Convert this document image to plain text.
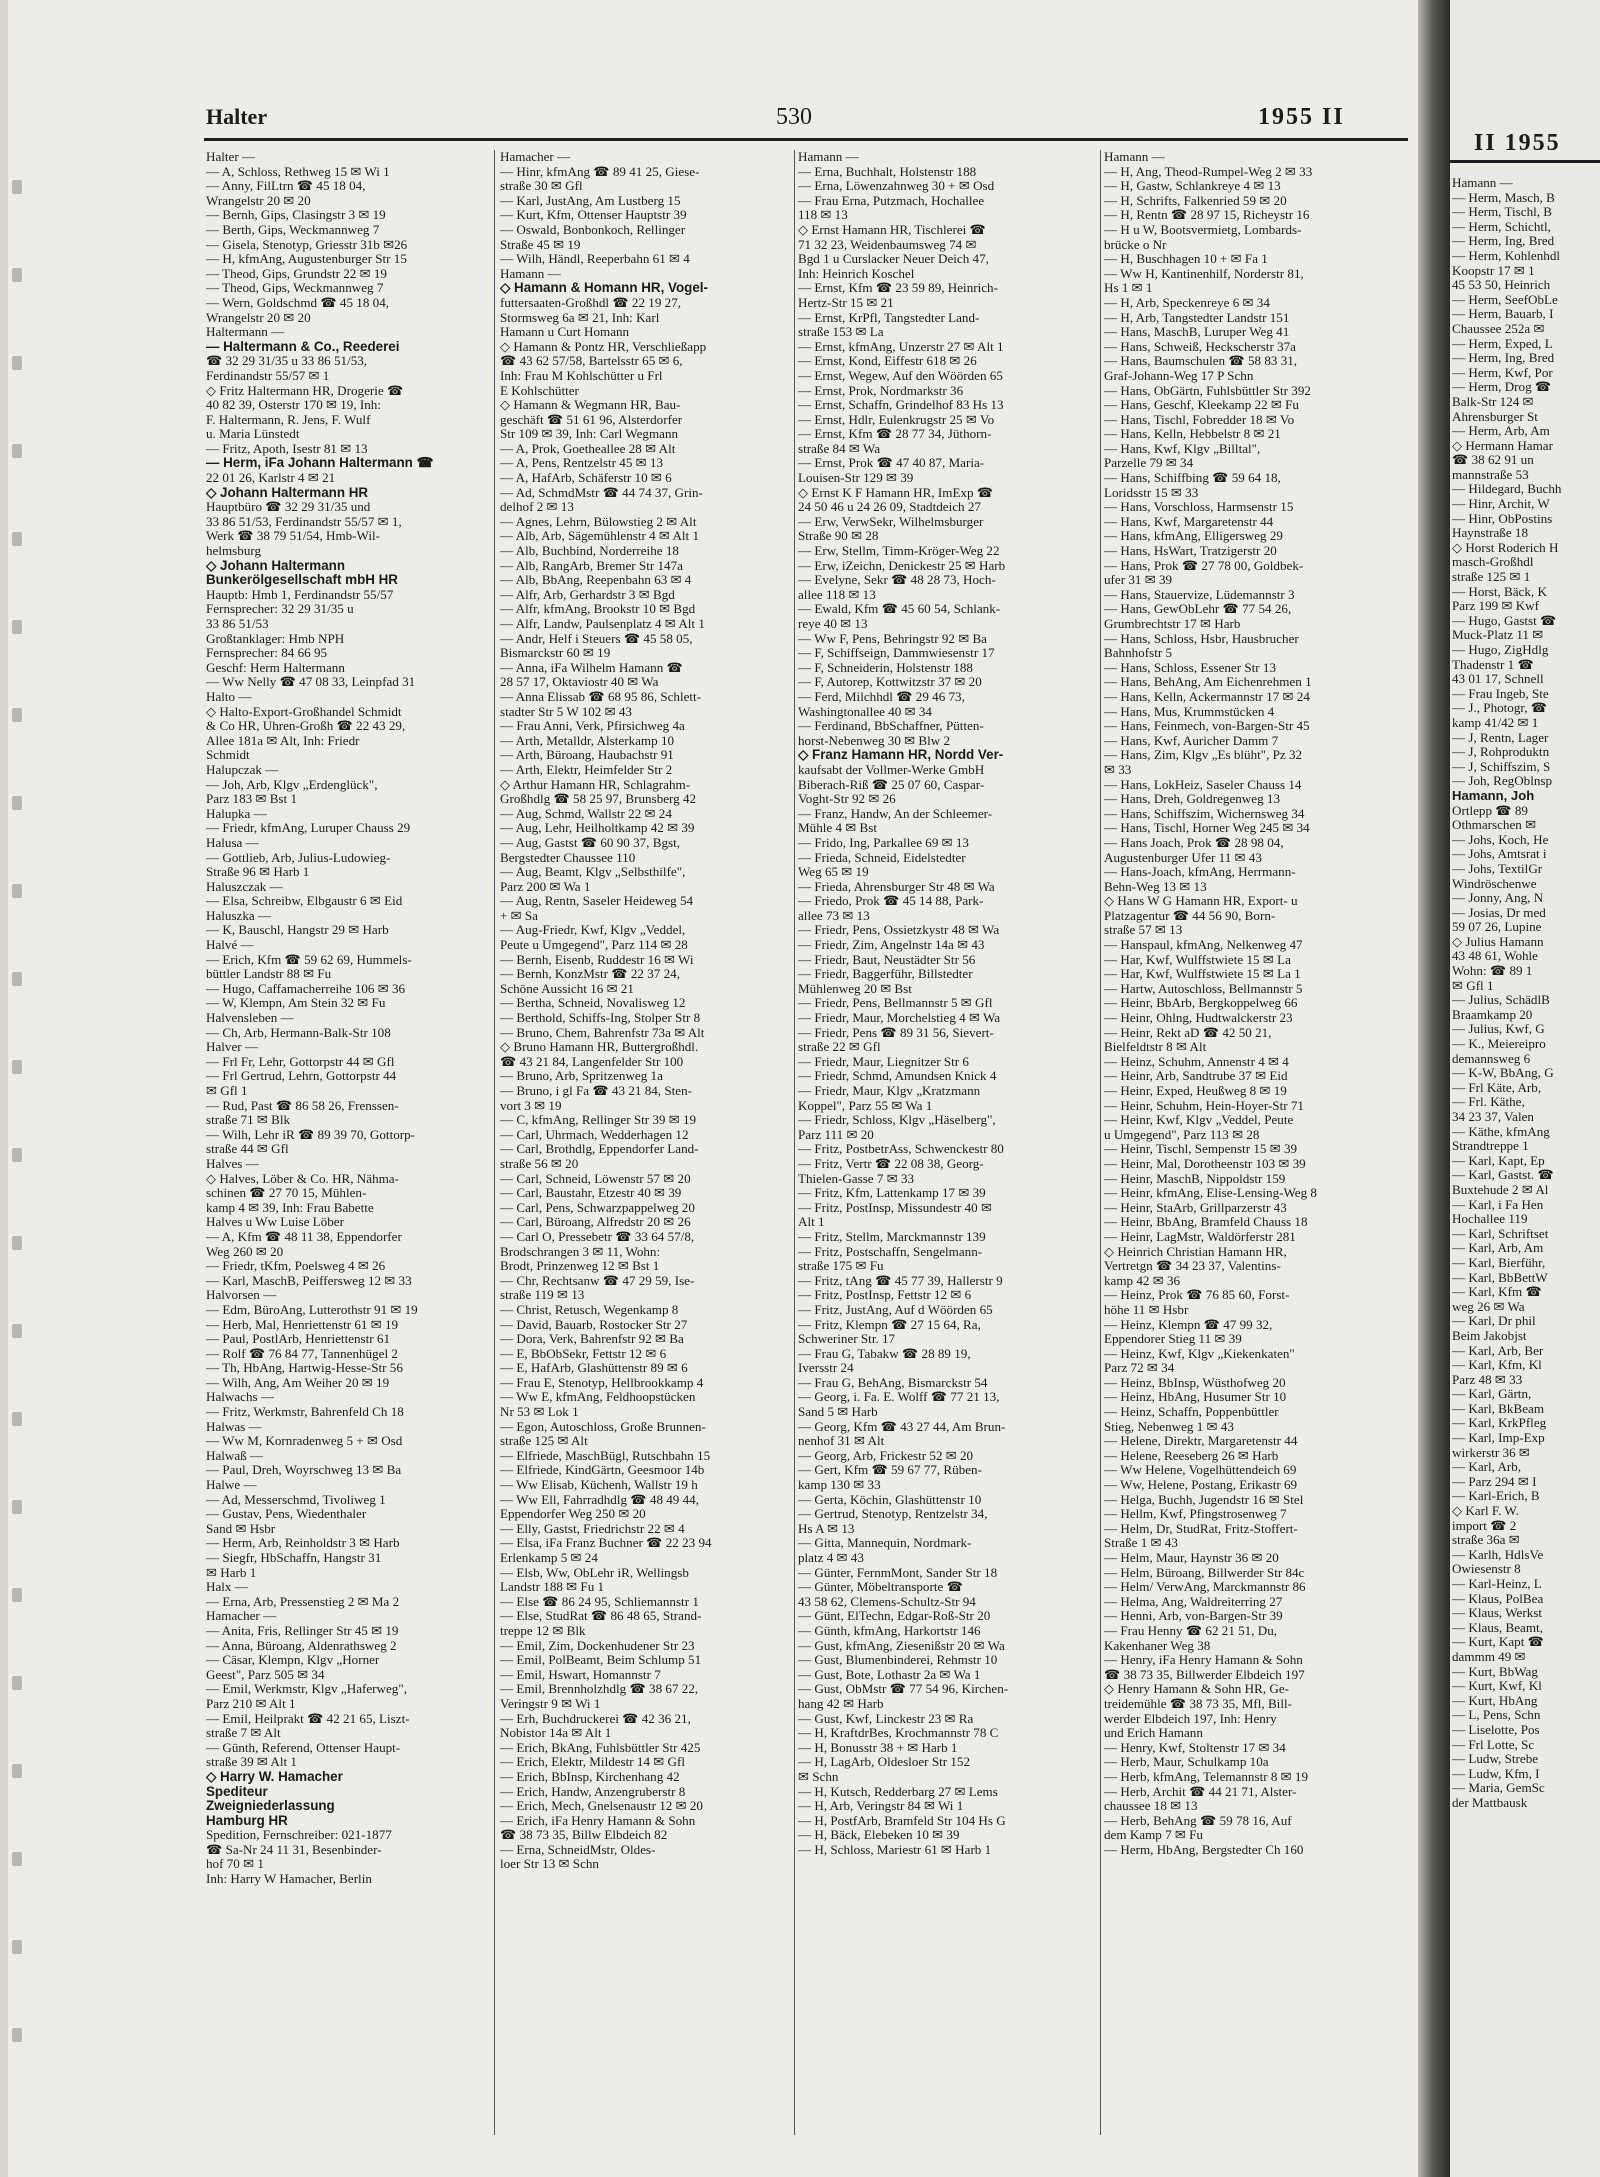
Halter	530	1955 II
Halter —
— A, Schloss, Rethweg 15 ✉ Wi 1
— Anny, FilLtrn ☎ 45 18 04,
Wrangelstr 20 ✉ 20
— Bernh, Gips, Clasingstr 3 ✉ 19
— Berth, Gips, Weckmannweg 7
— Gisela, Stenotyp, Griesstr 31b ✉26
— H, kfmAng, Augustenburger Str 15
— Theod, Gips, Grundstr 22 ✉ 19
— Theod, Gips, Weckmannweg 7
— Wern, Goldschmd ☎ 45 18 04,
Wrangelstr 20 ✉ 20
Haltermann —
— Haltermann & Co., Reederei
☎ 32 29 31/35 u 33 86 51/53,
Ferdinandstr 55/57 ✉ 1
◇ Fritz Haltermann HR, Drogerie ☎
40 82 39, Osterstr 170 ✉ 19, Inh:
F. Haltermann, R. Jens, F. Wulf
u. Maria Lünstedt
— Fritz, Apoth, Isestr 81 ✉ 13
— Herm, iFa Johann Haltermann ☎
22 01 26, Karlstr 4 ✉ 21
◇ Johann Haltermann HR
Hauptbüro ☎ 32 29 31/35 und
33 86 51/53, Ferdinandstr 55/57 ✉ 1,
Werk ☎ 38 79 51/54, Hmb-Wil-
helmsburg
◇ Johann Haltermann
Bunkerölgesellschaft mbH HR
Hauptb: Hmb 1, Ferdinandstr 55/57
Fernsprecher: 32 29 31/35 u
33 86 51/53
Großtanklager: Hmb NPH
Fernsprecher: 84 66 95
Geschf: Herm Haltermann
— Ww Nelly ☎ 47 08 33, Leinpfad 31
Halto —
◇ Halto-Export-Großhandel Schmidt
& Co HR, Uhren-Großh ☎ 22 43 29,
Allee 181a ✉ Alt, Inh: Friedr
Schmidt
Halupczak —
— Joh, Arb, Klgv „Erdenglück",
Parz 183 ✉ Bst 1
Halupka —
— Friedr, kfmAng, Luruper Chauss 29
Halusa —
— Gottlieb, Arb, Julius-Ludowieg-
Straße 96 ✉ Harb 1
Haluszczak —
— Elsa, Schreibw, Elbgaustr 6 ✉ Eid
Haluszka —
— K, Bauschl, Hangstr 29 ✉ Harb
Halvé —
— Erich, Kfm ☎ 59 62 69, Hummels-
büttler Landstr 88 ✉ Fu
— Hugo, Caffamacherreihe 106 ✉ 36
— W, Klempn, Am Stein 32 ✉ Fu
Halvensleben —
— Ch, Arb, Hermann-Balk-Str 108
Halver —
— Frl Fr, Lehr, Gottorpstr 44 ✉ Gfl
— Frl Gertrud, Lehrn, Gottorpstr 44
✉ Gfl 1
— Rud, Past ☎ 86 58 26, Frenssen-
straße 71 ✉ Blk
— Wilh, Lehr iR ☎ 89 39 70, Gottorp-
straße 44 ✉ Gfl
Halves —
◇ Halves, Löber & Co. HR, Nähma-
schinen ☎ 27 70 15, Mühlen-
kamp 4 ✉ 39, Inh: Frau Babette
Halves u Ww Luise Löber
— A, Kfm ☎ 48 11 38, Eppendorfer
Weg 260 ✉ 20
— Friedr, tKfm, Poelsweg 4 ✉ 26
— Karl, MaschB, Peiffersweg 12 ✉ 33
Halvorsen —
— Edm, BüroAng, Lutterothstr 91 ✉ 19
— Herb, Mal, Henriettenstr 61 ✉ 19
— Paul, PostlArb, Henriettenstr 61
— Rolf ☎ 76 84 77, Tannenhügel 2
— Th, HbAng, Hartwig-Hesse-Str 56
— Wilh, Ang, Am Weiher 20 ✉ 19
Halwachs —
— Fritz, Werkmstr, Bahrenfeld Ch 18
Halwas —
— Ww M, Kornradenweg 5 + ✉ Osd
Halwaß —
— Paul, Dreh, Woyrschweg 13 ✉ Ba
Halwe —
— Ad, Messerschmd, Tivoliweg 1
— Gustav, Pens, Wiedenthaler
Sand ✉ Hsbr
— Herm, Arb, Reinholdstr 3 ✉ Harb
— Siegfr, HbSchaffn, Hangstr 31
✉ Harb 1
Halx —
— Erna, Arb, Pressenstieg 2 ✉ Ma 2
Hamacher —
— Anita, Fris, Rellinger Str 45 ✉ 19
— Anna, Büroang, Aldenrathsweg 2
— Cäsar, Klempn, Klgv „Horner
Geest", Parz 505 ✉ 34
— Emil, Werkmstr, Klgv „Haferweg",
Parz 210 ✉ Alt 1
— Emil, Heilprakt ☎ 42 21 65, Liszt-
straße 7 ✉ Alt
— Günth, Referend, Ottenser Haupt-
straße 39 ✉ Alt 1
◇ Harry W. Hamacher
Spediteur
Zweigniederlassung
Hamburg HR
Spedition, Fernschreiber: 021-1877
☎ Sa-Nr 24 11 31, Besenbinder-
hof 70 ✉ 1
Inh: Harry W Hamacher, Berlin
Hamacher —
— Hinr, kfmAng ☎ 89 41 25, Giese-
straße 30 ✉ Gfl
— Karl, JustAng, Am Lustberg 15
— Kurt, Kfm, Ottenser Hauptstr 39
— Oswald, Bonbonkoch, Rellinger
Straße 45 ✉ 19
— Wilh, Händl, Reeperbahn 61 ✉ 4
Hamann —
◇ Hamann & Homann HR, Vogel-
futtersaaten-Großhdl ☎ 22 19 27,
Stormsweg 6a ✉ 21, Inh: Karl
Hamann u Curt Homann
◇ Hamann & Pontz HR, Verschließapp
☎ 43 62 57/58, Bartelsstr 65 ✉ 6,
Inh: Frau M Kohlschütter u Frl
E Kohlschütter
◇ Hamann & Wegmann HR, Bau-
geschäft ☎ 51 61 96, Alsterdorfer
Str 109 ✉ 39, Inh: Carl Wegmann
— A, Prok, Goetheallee 28 ✉ Alt
— A, Pens, Rentzelstr 45 ✉ 13
— A, HafArb, Schäferstr 10 ✉ 6
— Ad, SchmdMstr ☎ 44 74 37, Grin-
delhof 2 ✉ 13
— Agnes, Lehrn, Bülowstieg 2 ✉ Alt
— Alb, Arb, Sägemühlenstr 4 ✉ Alt 1
— Alb, Buchbind, Norderreihe 18
— Alb, RangArb, Bremer Str 147a
— Alb, BbAng, Reepenbahn 63 ✉ 4
— Alfr, Arb, Gerhardstr 3 ✉ Bgd
— Alfr, kfmAng, Brookstr 10 ✉ Bgd
— Alfr, Landw, Paulsenplatz 4 ✉ Alt 1
— Andr, Helf i Steuers ☎ 45 58 05,
Bismarckstr 60 ✉ 19
— Anna, iFa Wilhelm Hamann ☎
28 57 17, Oktaviostr 40 ✉ Wa
— Anna Elissab ☎ 68 95 86, Schlett-
stadter Str 5 W 102 ✉ 43
— Frau Anni, Verk, Pfirsichweg 4a
— Arth, Metalldr, Alsterkamp 10
— Arth, Büroang, Haubachstr 91
— Arth, Elektr, Heimfelder Str 2
◇ Arthur Hamann HR, Schlagrahm-
Großhdlg ☎ 58 25 97, Brunsberg 42
— Aug, Schmd, Wallstr 22 ✉ 24
— Aug, Lehr, Heilholtkamp 42 ✉ 39
— Aug, Gastst ☎ 60 90 37, Bgst,
Bergstedter Chaussee 110
— Aug, Beamt, Klgv „Selbsthilfe",
Parz 200 ✉ Wa 1
— Aug, Rentn, Saseler Heideweg 54
+ ✉ Sa
— Aug-Friedr, Kwf, Klgv „Veddel,
Peute u Umgegend", Parz 114 ✉ 28
— Bernh, Eisenb, Ruddestr 16 ✉ Wi
— Bernh, KonzMstr ☎ 22 37 24,
Schöne Aussicht 16 ✉ 21
— Bertha, Schneid, Novalisweg 12
— Berthold, Schiffs-Ing, Stolper Str 8
— Bruno, Chem, Bahrenfstr 73a ✉ Alt
◇ Bruno Hamann HR, Buttergroßhdl.
☎ 43 21 84, Langenfelder Str 100
— Bruno, Arb, Spritzenweg 1a
— Bruno, i gl Fa ☎ 43 21 84, Sten-
vort 3 ✉ 19
— C, kfmAng, Rellinger Str 39 ✉ 19
— Carl, Uhrmach, Wedderhagen 12
— Carl, Brothdlg, Eppendorfer Land-
straße 56 ✉ 20
— Carl, Schneid, Löwenstr 57 ✉ 20
— Carl, Baustahr, Etzestr 40 ✉ 39
— Carl, Pens, Schwarzpappelweg 20
— Carl, Büroang, Alfredstr 20 ✉ 26
— Carl O, Pressebetr ☎ 33 64 57/8,
Brodschrangen 3 ✉ 11, Wohn:
Brodt, Prinzenweg 12 ✉ Bst 1
— Chr, Rechtsanw ☎ 47 29 59, Ise-
straße 119 ✉ 13
— Christ, Retusch, Wegenkamp 8
— David, Bauarb, Rostocker Str 27
— Dora, Verk, Bahrenfstr 92 ✉ Ba
— E, BbObSekr, Fettstr 12 ✉ 6
— E, HafArb, Glashüttenstr 89 ✉ 6
— Frau E, Stenotyp, Hellbrookkamp 4
— Ww E, kfmAng, Feldhoopstücken
Nr 53 ✉ Lok 1
— Egon, Autoschloss, Große Brunnen-
straße 125 ✉ Alt
— Elfriede, MaschBügl, Rutschbahn 15
— Elfriede, KindGärtn, Geesmoor 14b
— Ww Elisab, Küchenh, Wallstr 19 h
— Ww Ell, Fahrradhdlg ☎ 48 49 44,
Eppendorfer Weg 250 ✉ 20
— Elly, Gastst, Friedrichstr 22 ✉ 4
— Elsa, iFa Franz Buchner ☎ 22 23 94
Erlenkamp 5 ✉ 24
— Elsb, Ww, ObLehr iR, Wellingsb
Landstr 188 ✉ Fu 1
— Else ☎ 86 24 95, Schliemannstr 1
— Else, StudRat ☎ 86 48 65, Strand-
treppe 12 ✉ Blk
— Emil, Zim, Dockenhudener Str 23
— Emil, PolBeamt, Beim Schlump 51
— Emil, Hswart, Homannstr 7
— Emil, Brennholzhdlg ☎ 38 67 22,
Veringstr 9 ✉ Wi 1
— Erh, Buchdruckerei ☎ 42 36 21,
Nobistor 14a ✉ Alt 1
— Erich, BkAng, Fuhlsbüttler Str 425
— Erich, Elektr, Mildestr 14 ✉ Gfl
— Erich, BbInsp, Kirchenhang 42
— Erich, Handw, Anzengruberstr 8
— Erich, Mech, Gnelsenaustr 12 ✉ 20
— Erich, iFa Henry Hamann & Sohn
☎ 38 73 35, Billw Elbdeich 82
— Erna, SchneidMstr, Oldes-
loer Str 13 ✉ Schn
Hamann —
— Erna, Buchhalt, Holstenstr 188
— Erna, Löwenzahnweg 30 + ✉ Osd
— Frau Erna, Putzmach, Hochallee
118 ✉ 13
◇ Ernst Hamann HR, Tischlerei ☎
71 32 23, Weidenbaumsweg 74 ✉
Bgd 1 u Curslacker Neuer Deich 47,
Inh: Heinrich Koschel
— Ernst, Kfm ☎ 23 59 89, Heinrich-
Hertz-Str 15 ✉ 21
— Ernst, KrPfl, Tangstedter Land-
straße 153 ✉ La
— Ernst, kfmAng, Unzerstr 27 ✉ Alt 1
— Ernst, Kond, Eiffestr 618 ✉ 26
— Ernst, Wegew, Auf den Wöörden 65
— Ernst, Prok, Nordmarkstr 36
— Ernst, Schaffn, Grindelhof 83 Hs 13
— Ernst, Hdlr, Eulenkrugstr 25 ✉ Vo
— Ernst, Kfm ☎ 28 77 34, Jüthorn-
straße 84 ✉ Wa
— Ernst, Prok ☎ 47 40 87, Maria-
Louisen-Str 129 ✉ 39
◇ Ernst K F Hamann HR, ImExp ☎
24 50 46 u 24 26 09, Stadtdeich 27
— Erw, VerwSekr, Wilhelmsburger
Straße 90 ✉ 28
— Erw, Stellm, Timm-Kröger-Weg 22
— Erw, iZeichn, Denickestr 25 ✉ Harb
— Evelyne, Sekr ☎ 48 28 73, Hoch-
allee 118 ✉ 13
— Ewald, Kfm ☎ 45 60 54, Schlank-
reye 40 ✉ 13
— Ww F, Pens, Behringstr 92 ✉ Ba
— F, Schiffseign, Dammwiesenstr 17
— F, Schneiderin, Holstenstr 188
— F, Autorep, Kottwitzstr 37 ✉ 20
— Ferd, Milchhdl ☎ 29 46 73,
Washingtonallee 40 ✉ 34
— Ferdinand, BbSchaffner, Pütten-
horst-Nebenweg 30 ✉ Blw 2
◇ Franz Hamann HR, Nordd Ver-
kaufsabt der Vollmer-Werke GmbH
Biberach-Riß ☎ 25 07 60, Caspar-
Voght-Str 92 ✉ 26
— Franz, Handw, An der Schleemer-
Mühle 4 ✉ Bst
— Frido, Ing, Parkallee 69 ✉ 13
— Frieda, Schneid, Eidelstedter
Weg 65 ✉ 19
— Frieda, Ahrensburger Str 48 ✉ Wa
— Friedo, Prok ☎ 45 14 88, Park-
allee 73 ✉ 13
— Friedr, Pens, Ossietzkystr 48 ✉ Wa
— Friedr, Zim, Angelnstr 14a ✉ 43
— Friedr, Baut, Neustädter Str 56
— Friedr, Baggerführ, Billstedter
Mühlenweg 20 ✉ Bst
— Friedr, Pens, Bellmannstr 5 ✉ Gfl
— Friedr, Maur, Morchelstieg 4 ✉ Wa
— Friedr, Pens ☎ 89 31 56, Sievert-
straße 22 ✉ Gfl
— Friedr, Maur, Liegnitzer Str 6
— Friedr, Schmd, Amundsen Knick 4
— Friedr, Maur, Klgv „Kratzmann
Koppel", Parz 55 ✉ Wa 1
— Friedr, Schloss, Klgv „Häselberg",
Parz 111 ✉ 20
— Fritz, PostbetrAss, Schwenckestr 80
— Fritz, Vertr ☎ 22 08 38, Georg-
Thielen-Gasse 7 ✉ 33
— Fritz, Kfm, Lattenkamp 17 ✉ 39
— Fritz, PostInsp, Missundestr 40 ✉
Alt 1
— Fritz, Stellm, Marckmannstr 139
— Fritz, Postschaffn, Sengelmann-
straße 175 ✉ Fu
— Fritz, tAng ☎ 45 77 39, Hallerstr 9
— Fritz, PostInsp, Fettstr 12 ✉ 6
— Fritz, JustAng, Auf d Wöörden 65
— Fritz, Klempn ☎ 27 15 64, Ra,
Schweriner Str. 17
— Frau G, Tabakw ☎ 28 89 19,
Iversstr 24
— Frau G, BehAng, Bismarckstr 54
— Georg, i. Fa. E. Wolff ☎ 77 21 13,
Sand 5 ✉ Harb
— Georg, Kfm ☎ 43 27 44, Am Brun-
nenhof 31 ✉ Alt
— Georg, Arb, Frickestr 52 ✉ 20
— Gert, Kfm ☎ 59 67 77, Rüben-
kamp 130 ✉ 33
— Gerta, Köchin, Glashüttenstr 10
— Gertrud, Stenotyp, Rentzelstr 34,
Hs A ✉ 13
— Gitta, Mannequin, Nordmark-
platz 4 ✉ 43
— Günter, FernmMont, Sander Str 18
— Günter, Möbeltransporte ☎
43 58 62, Clemens-Schultz-Str 94
— Günt, ElTechn, Edgar-Roß-Str 20
— Günth, kfmAng, Harkortstr 146
— Gust, kfmAng, Ziesenißstr 20 ✉ Wa
— Gust, Blumenbinderei, Rehmstr 10
— Gust, Bote, Lothastr 2a ✉ Wa 1
— Gust, ObMstr ☎ 77 54 96, Kirchen-
hang 42 ✉ Harb
— Gust, Kwf, Linckestr 23 ✉ Ra
— H, KraftdrBes, Krochmannstr 78 C
— H, Bonusstr 38 + ✉ Harb 1
— H, LagArb, Oldesloer Str 152
✉ Schn
— H, Kutsch, Redderbarg 27 ✉ Lems
— H, Arb, Veringstr 84 ✉ Wi 1
— H, PostfArb, Bramfeld Str 104 Hs G
— H, Bäck, Elebeken 10 ✉ 39
— H, Schloss, Mariestr 61 ✉ Harb 1
Hamann —
— H, Ang, Theod-Rumpel-Weg 2 ✉ 33
— H, Gastw, Schlankreye 4 ✉ 13
— H, Schrifts, Falkenried 59 ✉ 20
— H, Rentn ☎ 28 97 15, Richeystr 16
— H u W, Bootsvermietg, Lombards-
brücke o Nr
— H, Buschhagen 10 + ✉ Fa 1
— Ww H, Kantinenhilf, Norderstr 81,
Hs 1 ✉ 1
— H, Arb, Speckenreye 6 ✉ 34
— H, Arb, Tangstedter Landstr 151
— Hans, MaschB, Luruper Weg 41
— Hans, Schweiß, Heckscherstr 37a
— Hans, Baumschulen ☎ 58 83 31,
Graf-Johann-Weg 17 P Schn
— Hans, ObGärtn, Fuhlsbüttler Str 392
— Hans, Geschf, Kleekamp 22 ✉ Fu
— Hans, Tischl, Fobredder 18 ✉ Vo
— Hans, Kelln, Hebbelstr 8 ✉ 21
— Hans, Kwf, Klgv „Billtal",
Parzelle 79 ✉ 34
— Hans, Schiffbing ☎ 59 64 18,
Loridsstr 15 ✉ 33
— Hans, Vorschloss, Harmsenstr 15
— Hans, Kwf, Margaretenstr 44
— Hans, kfmAng, Elligersweg 29
— Hans, HsWart, Tratzigerstr 20
— Hans, Prok ☎ 27 78 00, Goldbek-
ufer 31 ✉ 39
— Hans, Stauervize, Lüdemannstr 3
— Hans, GewObLehr ☎ 77 54 26,
Grumbrechtstr 17 ✉ Harb
— Hans, Schloss, Hsbr, Hausbrucher
Bahnhofstr 5
— Hans, Schloss, Essener Str 13
— Hans, BehAng, Am Eichenrehmen 1
— Hans, Kelln, Ackermannstr 17 ✉ 24
— Hans, Mus, Krummstücken 4
— Hans, Feinmech, von-Bargen-Str 45
— Hans, Kwf, Auricher Damm 7
— Hans, Zim, Klgv „Es blüht", Pz 32
✉ 33
— Hans, LokHeiz, Saseler Chauss 14
— Hans, Dreh, Goldregenweg 13
— Hans, Schiffszim, Wichernsweg 34
— Hans, Tischl, Horner Weg 245 ✉ 34
— Hans Joach, Prok ☎ 28 98 04,
Augustenburger Ufer 11 ✉ 43
— Hans-Joach, kfmAng, Herrmann-
Behn-Weg 13 ✉ 13
◇ Hans W G Hamann HR, Export- u
Platzagentur ☎ 44 56 90, Born-
straße 57 ✉ 13
— Hanspaul, kfmAng, Nelkenweg 47
— Har, Kwf, Wulffstwiete 15 ✉ La
— Har, Kwf, Wulffstwiete 15 ✉ La 1
— Hartw, Autoschloss, Bellmannstr 5
— Heinr, BbArb, Bergkoppelweg 66
— Heinr, Ohlng, Hudtwalckerstr 23
— Heinr, Rekt aD ☎ 42 50 21,
Bielfeldtstr 8 ✉ Alt
— Heinz, Schuhm, Annenstr 4 ✉ 4
— Heinr, Arb, Sandtrube 37 ✉ Eid
— Heinr, Exped, Heußweg 8 ✉ 19
— Heinr, Schuhm, Hein-Hoyer-Str 71
— Heinr, Kwf, Klgv „Veddel, Peute
u Umgegend", Parz 113 ✉ 28
— Heinr, Tischl, Sempenstr 15 ✉ 39
— Heinr, Mal, Dorotheenstr 103 ✉ 39
— Heinr, MaschB, Nippoldstr 159
— Heinr, kfmAng, Elise-Lensing-Weg 8
— Heinr, StaArb, Grillparzerstr 43
— Heinr, BbAng, Bramfeld Chauss 18
— Heinr, LagMstr, Waldörferstr 281
◇ Heinrich Christian Hamann HR,
Vertretgn ☎ 34 23 37, Valentins-
kamp 42 ✉ 36
— Heinz, Prok ☎ 76 85 60, Forst-
höhe 11 ✉ Hsbr
— Heinz, Klempn ☎ 47 99 32,
Eppendorer Stieg 11 ✉ 39
— Heinz, Kwf, Klgv „Kiekenkaten"
Parz 72 ✉ 34
— Heinz, BbInsp, Wüsthofweg 20
— Heinz, HbAng, Husumer Str 10
— Heinz, Schaffn, Poppenbüttler
Stieg, Nebenweg 1 ✉ 43
— Helene, Direktr, Margaretenstr 44
— Helene, Reeseberg 26 ✉ Harb
— Ww Helene, Vogelhüttendeich 69
— Ww, Helene, Postang, Erikastr 69
— Helga, Buchh, Jugendstr 16 ✉ Stel
— Hellm, Kwf, Pfingstrosenweg 7
— Helm, Dr, StudRat, Fritz-Stoffert-
Straße 1 ✉ 43
— Helm, Maur, Haynstr 36 ✉ 20
— Helm, Büroang, Billwerder Str 84c
— Helm/ VerwAng, Marckmannstr 86
— Helma, Ang, Waldreiterring 27
— Henni, Arb, von-Bargen-Str 39
— Frau Henny ☎ 62 21 51, Du,
Kakenhaner Weg 38
— Henry, iFa Henry Hamann & Sohn
☎ 38 73 35, Billwerder Elbdeich 197
◇ Henry Hamann & Sohn HR, Ge-
treidemühle ☎ 38 73 35, Mfl, Bill-
werder Elbdeich 197, Inh: Henry
und Erich Hamann
— Henry, Kwf, Stoltenstr 17 ✉ 34
— Herb, Maur, Schulkamp 10a
— Herb, kfmAng, Telemannstr 8 ✉ 19
— Herb, Archit ☎ 44 21 71, Alster-
chaussee 18 ✉ 13
— Herb, BehAng ☎ 59 78 16, Auf
dem Kamp 7 ✉ Fu
— Herm, HbAng, Bergstedter Ch 160
II 1955
Hamann —
— Herm, Masch, B
— Herm, Tischl, B
— Herm, Schichtl,
— Herm, Ing, Bred
— Herm, Kohlenhdl
Koopstr 17 ✉ 1
45 53 50, Heinrich
— Herm, SeefObLe
— Herm, Bauarb, I
Chaussee 252a ✉
— Herm, Exped, L
— Herm, Ing, Bred
— Herm, Kwf, Por
— Herm, Drog ☎
Balk-Str 124 ✉
Ahrensburger St
— Herm, Arb, Am
◇ Hermann Hamar
☎ 38 62 91 un
mannstraße 53
— Hildegard, Buchh
— Hinr, Archit, W
— Hinr, ObPostins
Haynstraße 18
◇ Horst Roderich H
masch-Großhdl
straße 125 ✉ 1
— Horst, Bäck, K
Parz 199 ✉ Kwf
— Hugo, Gastst ☎
Muck-Platz 11 ✉
— Hugo, ZigHdlg
Thadenstr 1 ☎
43 01 17, Schnell
— Frau Ingeb, Ste
— J., Photogr, ☎
kamp 41/42 ✉ 1
— J, Rentn, Lager
— J, Rohproduktn
— J, Schiffszim, S
— Joh, RegOblnsp
Hamann, Joh
Ortlepp ☎ 89
Othmarschen ✉
— Johs, Koch, He
— Johs, Amtsrat i
— Johs, TextilGr
Windröschenwe
— Jonny, Ang, N
— Josias, Dr med
59 07 26, Lupine
◇ Julius Hamann
43 48 61, Wohle
Wohn: ☎ 89 1
✉ Gfl 1
— Julius, SchädlB
Braamkamp 20
— Julius, Kwf, G
— K., Meiereipro
demannsweg 6
— K-W, BbAng, G
— Frl Käte, Arb,
— Frl. Käthe,
34 23 37, Valen
— Käthe, kfmAng
Strandtreppe 1
— Karl, Kapt, Ep
— Karl, Gastst. ☎
Buxtehude 2 ✉ Al
— Karl, i Fa Hen
Hochallee 119
— Karl, Schriftset
— Karl, Arb, Am
— Karl, Bierführ,
— Karl, BbBettW
— Karl, Kfm ☎
weg 26 ✉ Wa
— Karl, Dr phil
Beim Jakobjst
— Karl, Arb, Ber
— Karl, Kfm, Kl
Parz 48 ✉ 33
— Karl, Gärtn,
— Karl, BkBeam
— Karl, KrkPfleg
— Karl, Imp-Exp
wirkerstr 36 ✉
— Karl, Arb,
— Parz 294 ✉ I
— Karl-Erich, B
◇ Karl F. W.
import ☎ 2
straße 36a ✉
— Karlh, HdlsVe
Owiesenstr 8
— Karl-Heinz, L
— Klaus, PolBea
— Klaus, Werkst
— Klaus, Beamt,
— Kurt, Kapt ☎
dammm 49 ✉
— Kurt, BbWag
— Kurt, Kwf, Kl
— Kurt, HbAng
— L, Pens, Schn
— Liselotte, Pos
— Frl Lotte, Sc
— Ludw, Strebe
— Ludw, Kfm, I
— Maria, GemSc
der Mattbausk
